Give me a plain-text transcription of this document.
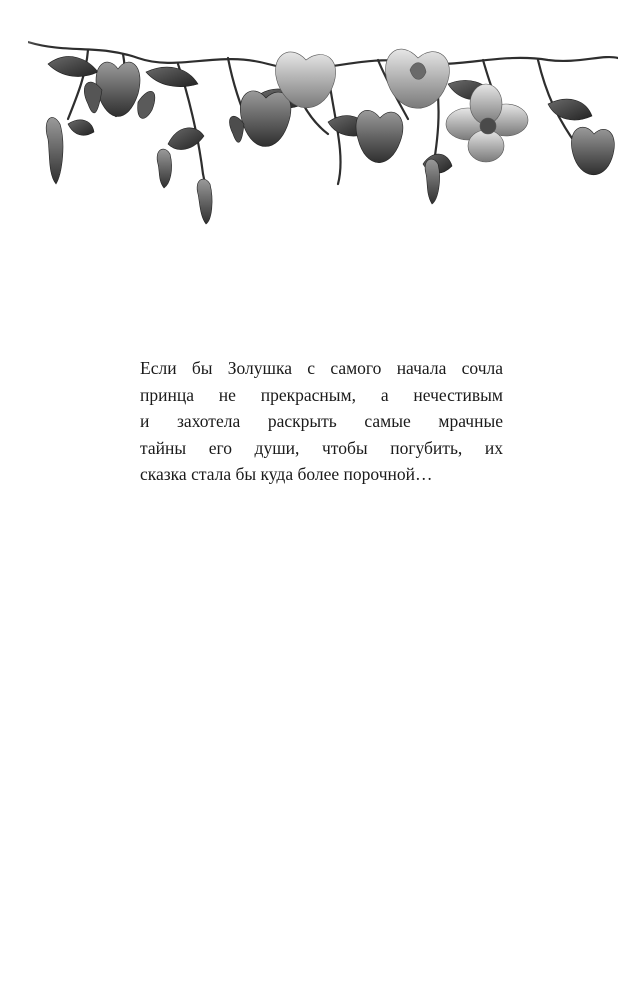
Если бы Золушка с самого начала сочла
принца не прекрасным, а нечестивым
и захотела раскрыть самые мрачные
тайны его души, чтобы погубить, их
сказка стала бы куда более порочной…
